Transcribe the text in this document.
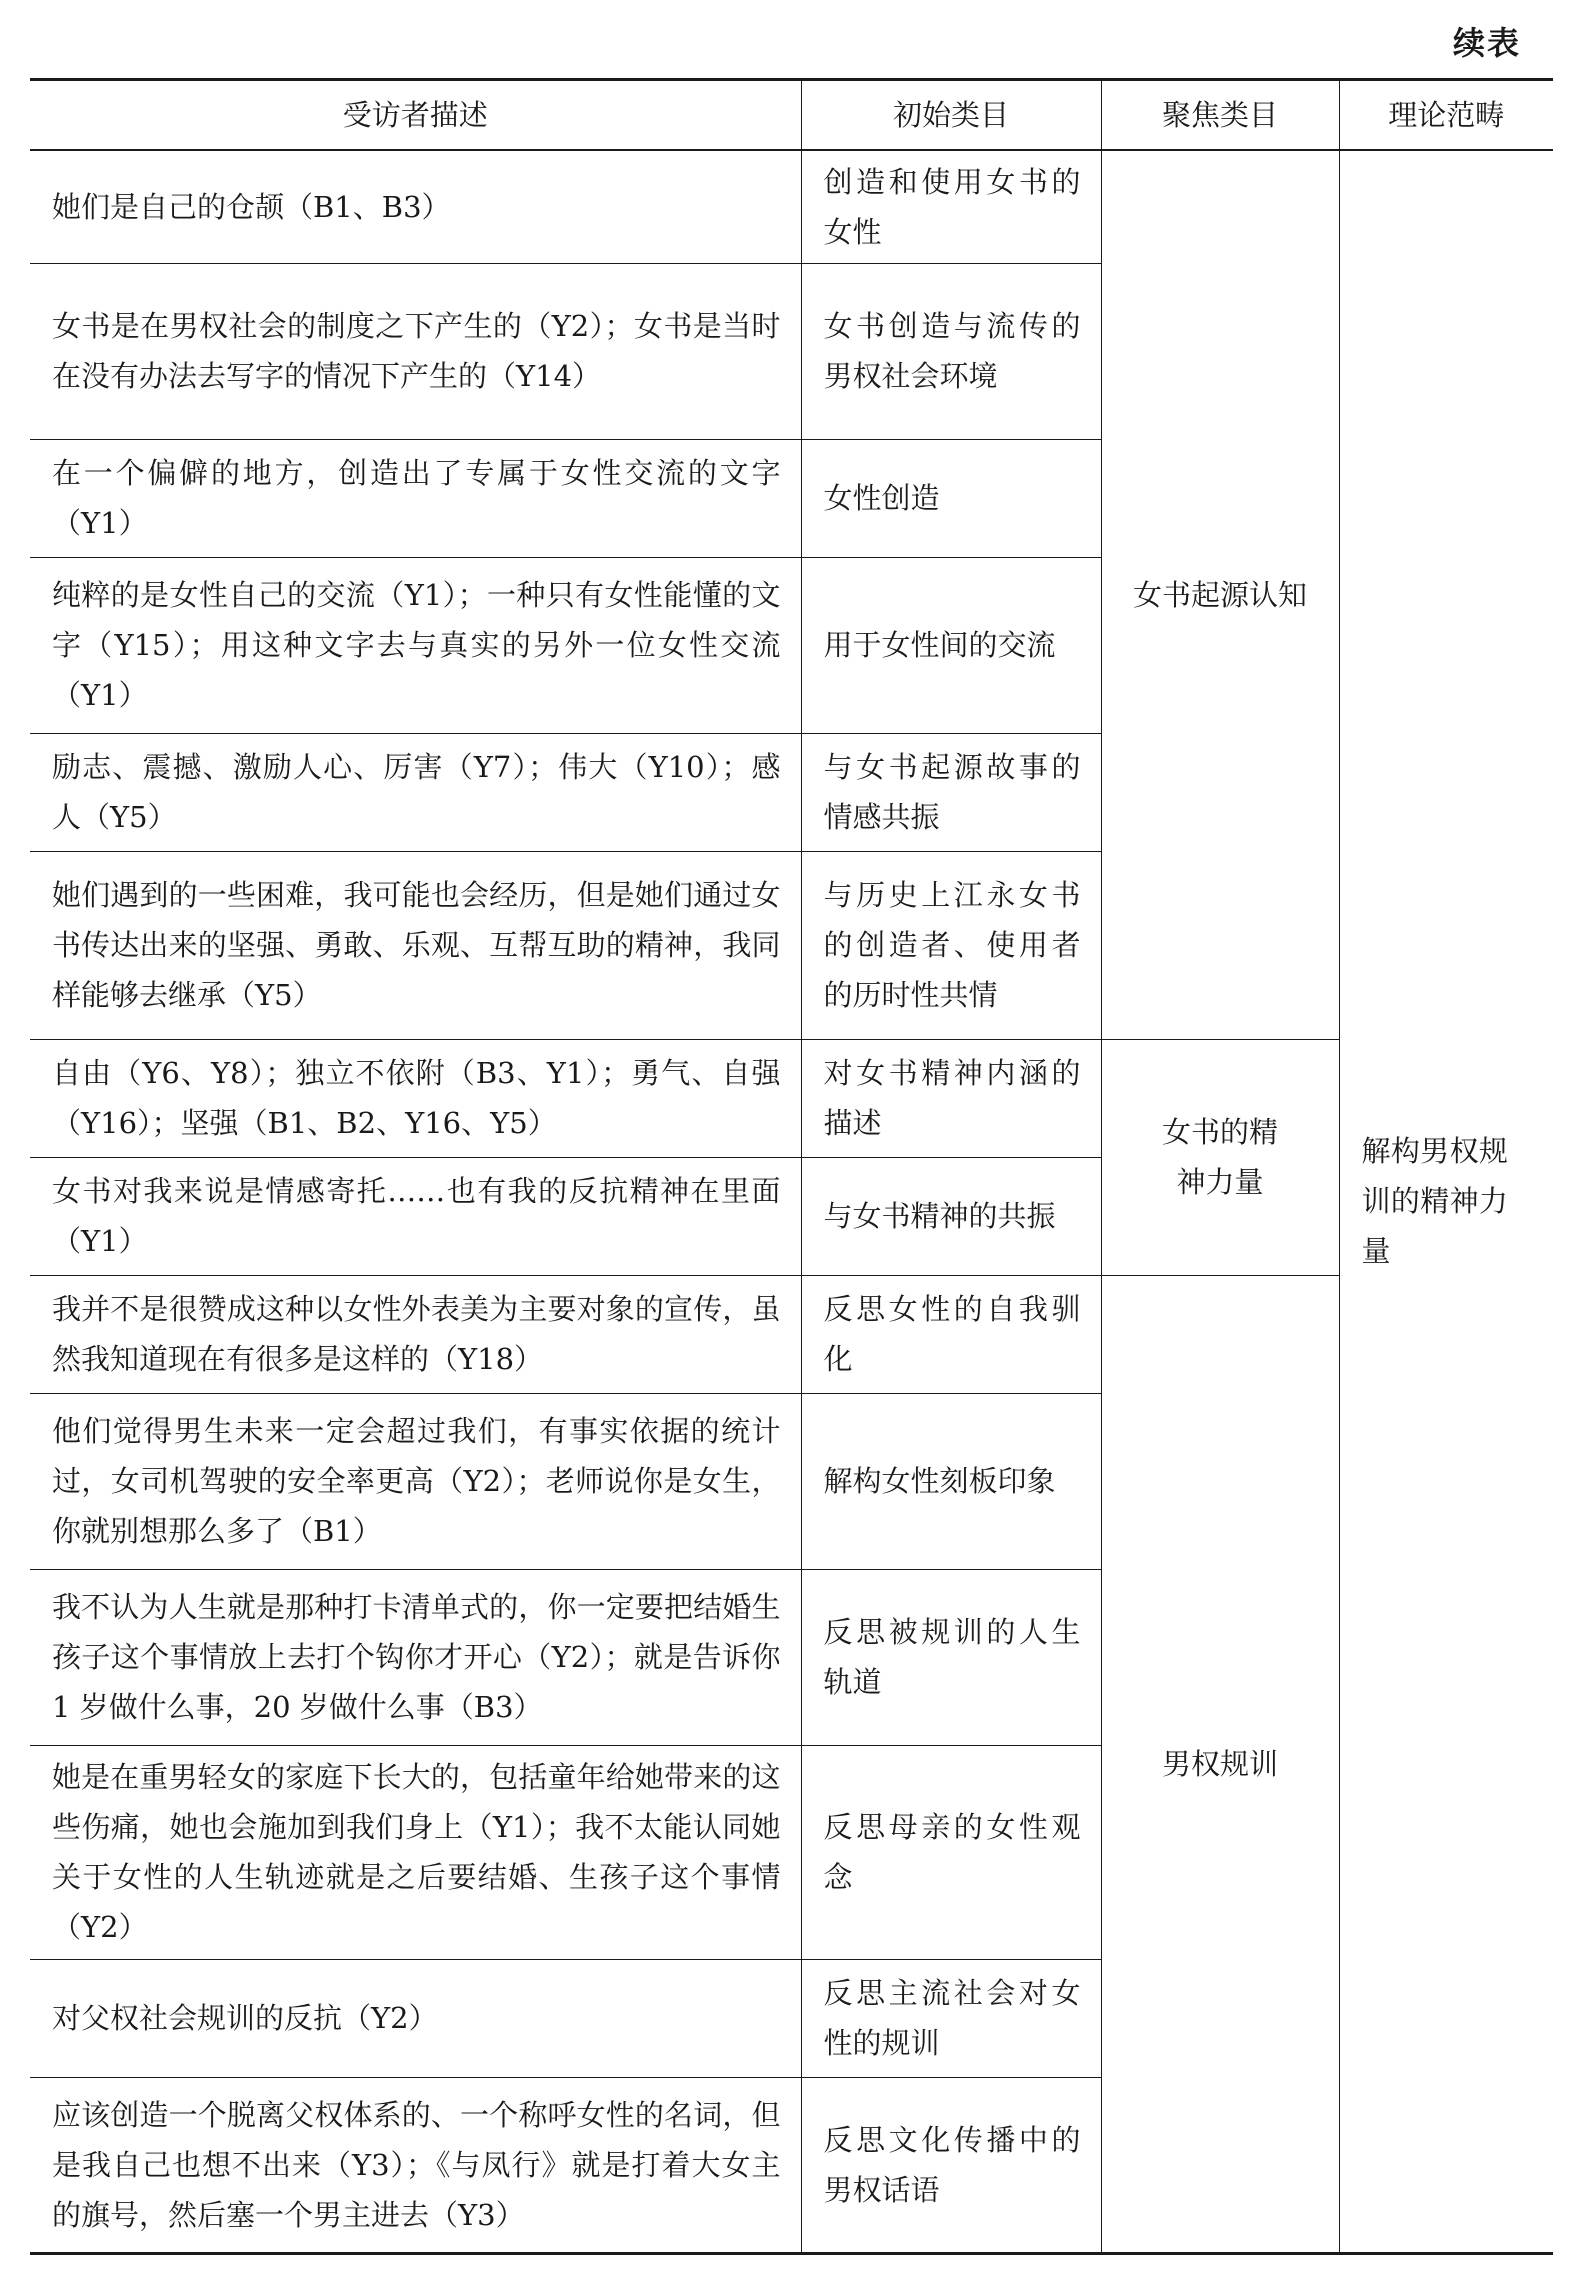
续表
受访者描述	初始类目	聚焦类目	理论范畴
她们是自己的仓颉（B1、B3）	创造和使用女书的女性	女书起源认知	解构男权规训的精神力量
女书是在男权社会的制度之下产生的（Y2）；女书是当时在没有办法去写字的情况下产生的（Y14）	女书创造与流传的男权社会环境		
在一个偏僻的地方，创造出了专属于女性交流的文字（Y1）	女性创造		
纯粹的是女性自己的交流（Y1）；一种只有女性能懂的文字（Y15）；用这种文字去与真实的另外一位女性交流（Y1）	用于女性间的交流		
励志、震撼、激励人心、厉害（Y7）；伟大（Y10）；感人（Y5）	与女书起源故事的情感共振		
她们遇到的一些困难，我可能也会经历，但是她们通过女书传达出来的坚强、勇敢、乐观、互帮互助的精神，我同样能够去继承（Y5）	与历史上江永女书的创造者、使用者的历时性共情		
自由（Y6、Y8）；独立不依附（B3、Y1）；勇气、自强（Y16）；坚强（B1、B2、Y16、Y5）	对女书精神内涵的描述	女书的精神力量	
女书对我来说是情感寄托……也有我的反抗精神在里面（Y1）	与女书精神的共振		
我并不是很赞成这种以女性外表美为主要对象的宣传，虽然我知道现在有很多是这样的（Y18）	反思女性的自我驯化	男权规训	
他们觉得男生未来一定会超过我们，有事实依据的统计过，女司机驾驶的安全率更高（Y2）；老师说你是女生，你就别想那么多了（B1）	解构女性刻板印象		
我不认为人生就是那种打卡清单式的，你一定要把结婚生孩子这个事情放上去打个钩你才开心（Y2）；就是告诉你 1 岁做什么事，20 岁做什么事（B3）	反思被规训的人生轨道		
她是在重男轻女的家庭下长大的，包括童年给她带来的这些伤痛，她也会施加到我们身上（Y1）；我不太能认同她关于女性的人生轨迹就是之后要结婚、生孩子这个事情（Y2）	反思母亲的女性观念		
对父权社会规训的反抗（Y2）	反思主流社会对女性的规训		
应该创造一个脱离父权体系的、一个称呼女性的名词，但是我自己也想不出来（Y3）；《与凤行》就是打着大女主的旗号，然后塞一个男主进去（Y3）	反思文化传播中的男权话语		
